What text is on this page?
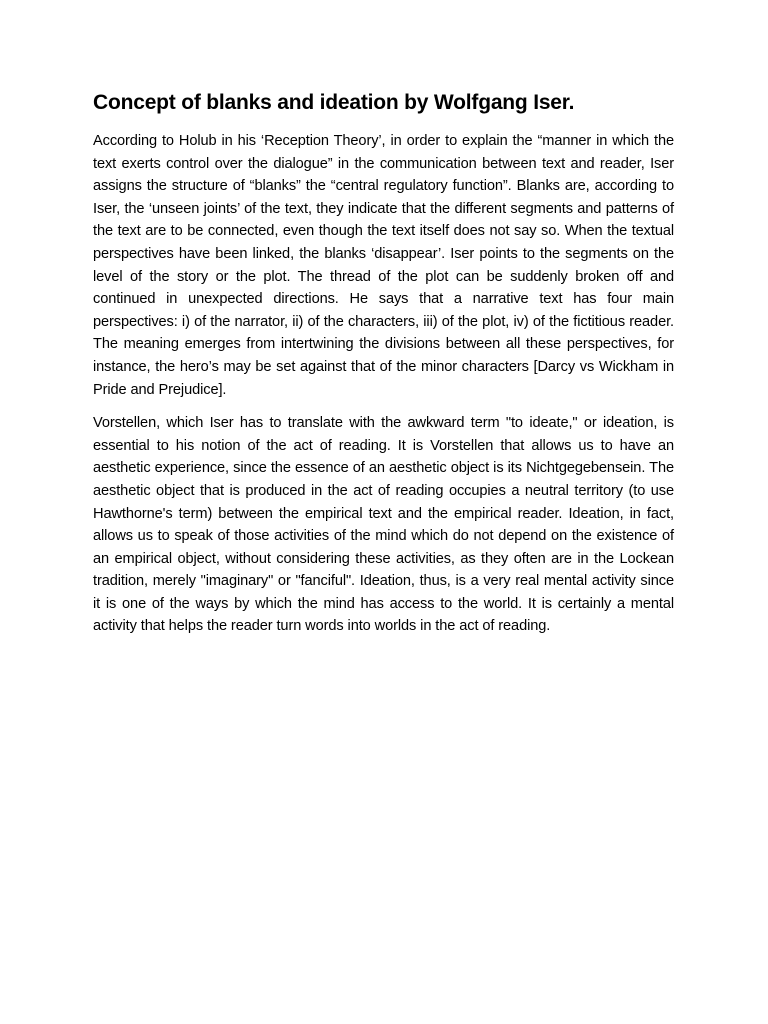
Concept of blanks and ideation by Wolfgang Iser.

According to Holub in his ‘Reception Theory’, in order to explain the “manner in which the text exerts control over the dialogue” in the communication between text and reader, Iser assigns the structure of “blanks” the “central regulatory function”. Blanks are, according to Iser, the ‘unseen joints’ of the text, they indicate that the different segments and patterns of the text are to be connected, even though the text itself does not say so. When the textual perspectives have been linked, the blanks ‘disappear’. Iser points to the segments on the level of the story or the plot. The thread of the plot can be suddenly broken off and continued in unexpected directions. He says that a narrative text has four main perspectives: i) of the narrator, ii) of the characters, iii) of the plot, iv) of the fictitious reader. The meaning emerges from intertwining the divisions between all these perspectives, for instance, the hero’s may be set against that of the minor characters [Darcy vs Wickham in Pride and Prejudice].

Vorstellen, which Iser has to translate with the awkward term "to ideate," or ideation, is essential to his notion of the act of reading. It is Vorstellen that allows us to have an aesthetic experience, since the essence of an aesthetic object is its Nichtgegebensein. The aesthetic object that is produced in the act of reading occupies a neutral territory (to use Hawthorne's term) between the empirical text and the empirical reader. Ideation, in fact, allows us to speak of those activities of the mind which do not depend on the existence of an empirical object, without considering these activities, as they often are in the Lockean tradition, merely "imaginary" or "fanciful". Ideation, thus, is a very real mental activity since it is one of the ways by which the mind has access to the world. It is certainly a mental activity that helps the reader turn words into worlds in the act of reading.
